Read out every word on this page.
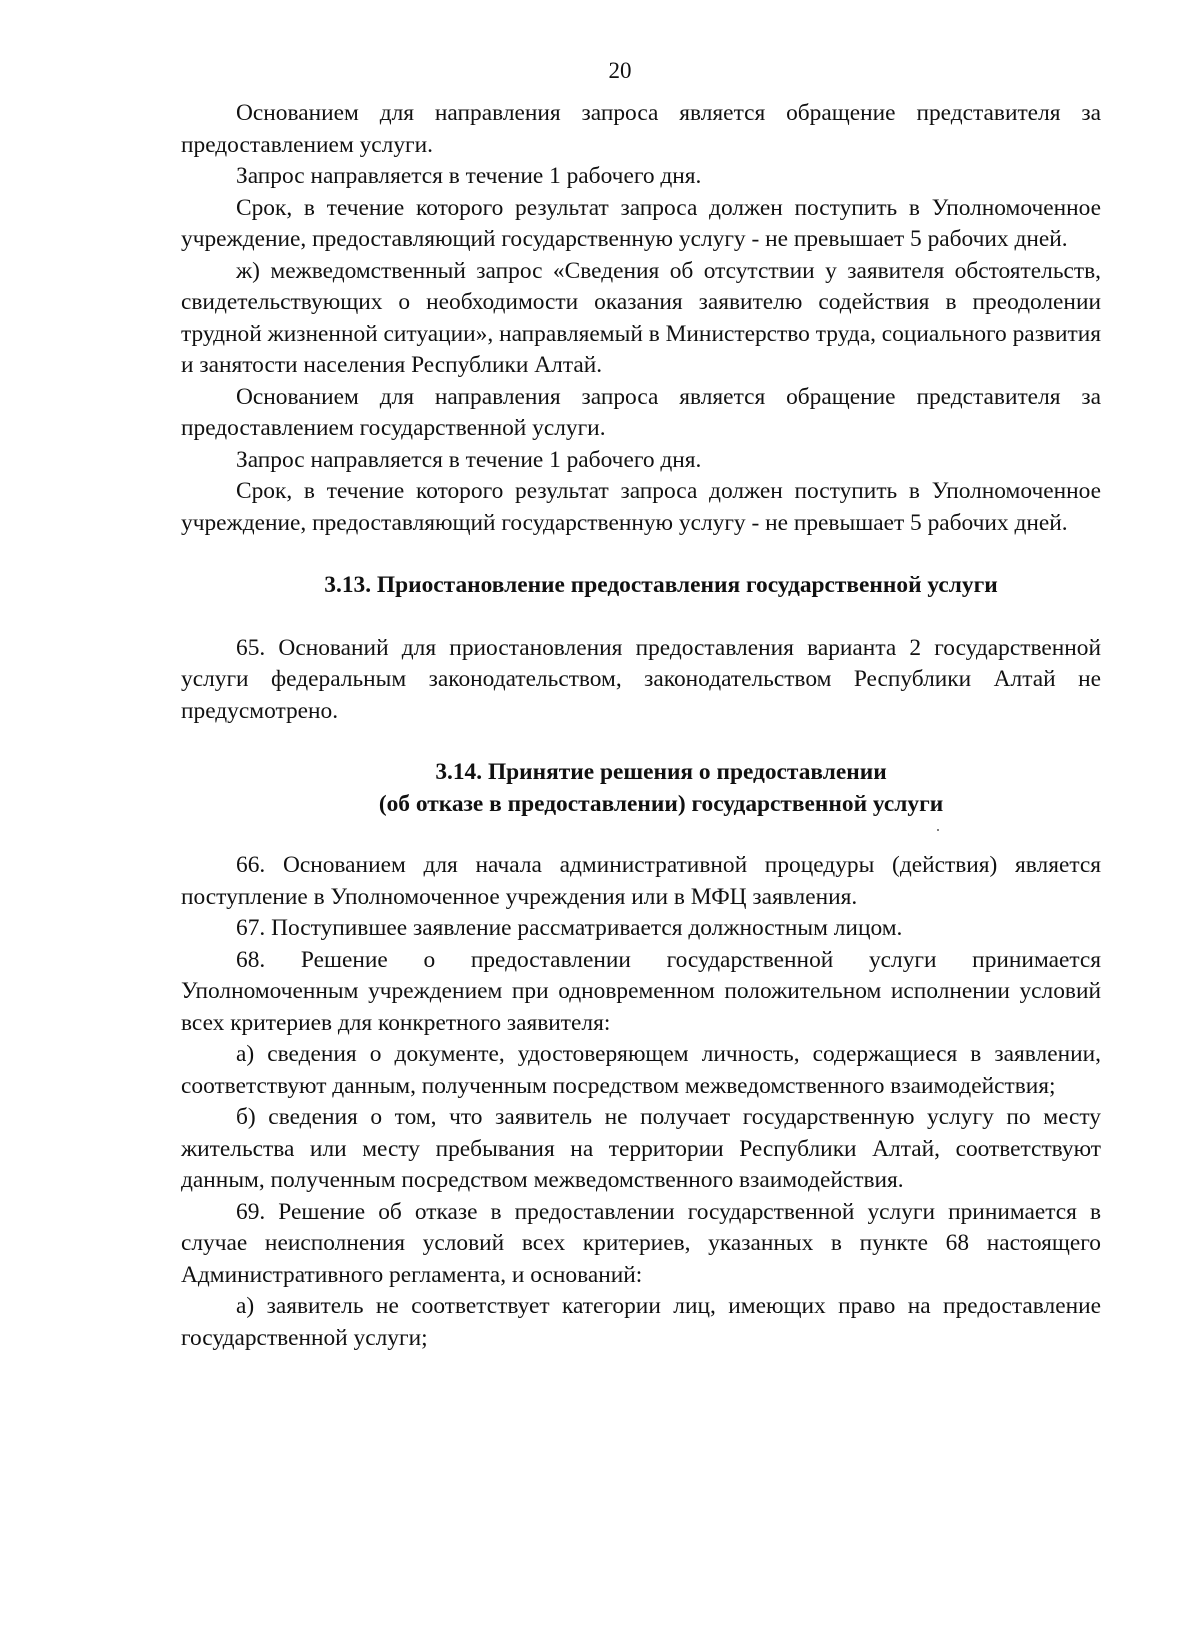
20

Основанием для направления запроса является обращение представителя за предоставлением услуги.

Запрос направляется в течение 1 рабочего дня.

Срок, в течение которого результат запроса должен поступить в Уполномоченное учреждение, предоставляющий государственную услугу - не превышает 5 рабочих дней.

ж) межведомственный запрос «Сведения об отсутствии у заявителя обстоятельств, свидетельствующих о необходимости оказания заявителю содействия в преодолении трудной жизненной ситуации», направляемый в Министерство труда, социального развития и занятости населения Республики Алтай.

Основанием для направления запроса является обращение представителя за предоставлением государственной услуги.

Запрос направляется в течение 1 рабочего дня.

Срок, в течение которого результат запроса должен поступить в Уполномоченное учреждение, предоставляющий государственную услугу - не превышает 5 рабочих дней.

3.13. Приостановление предоставления государственной услуги

65. Оснований для приостановления предоставления варианта 2 государственной услуги федеральным законодательством, законодательством Республики Алтай не предусмотрено.

3.14. Принятие решения о предоставлении

(об отказе в предоставлении) государственной услуги

66. Основанием для начала административной процедуры (действия) является поступление в Уполномоченное учреждения или в МФЦ заявления.

67. Поступившее заявление рассматривается должностным лицом.

68. Решение о предоставлении государственной услуги принимается Уполномоченным учреждением при одновременном положительном исполнении условий всех критериев для конкретного заявителя:

а) сведения о документе, удостоверяющем личность, содержащиеся в заявлении, соответствуют данным, полученным посредством межведомственного взаимодействия;

б) сведения о том, что заявитель не получает государственную услугу по месту жительства или месту пребывания на территории Республики Алтай, соответствуют данным, полученным посредством межведомственного взаимодействия.

69. Решение об отказе в предоставлении государственной услуги принимается в случае неисполнения условий всех критериев, указанных в пункте 68 настоящего Административного регламента, и оснований:

а) заявитель не соответствует категории лиц, имеющих право на предоставление государственной услуги;
